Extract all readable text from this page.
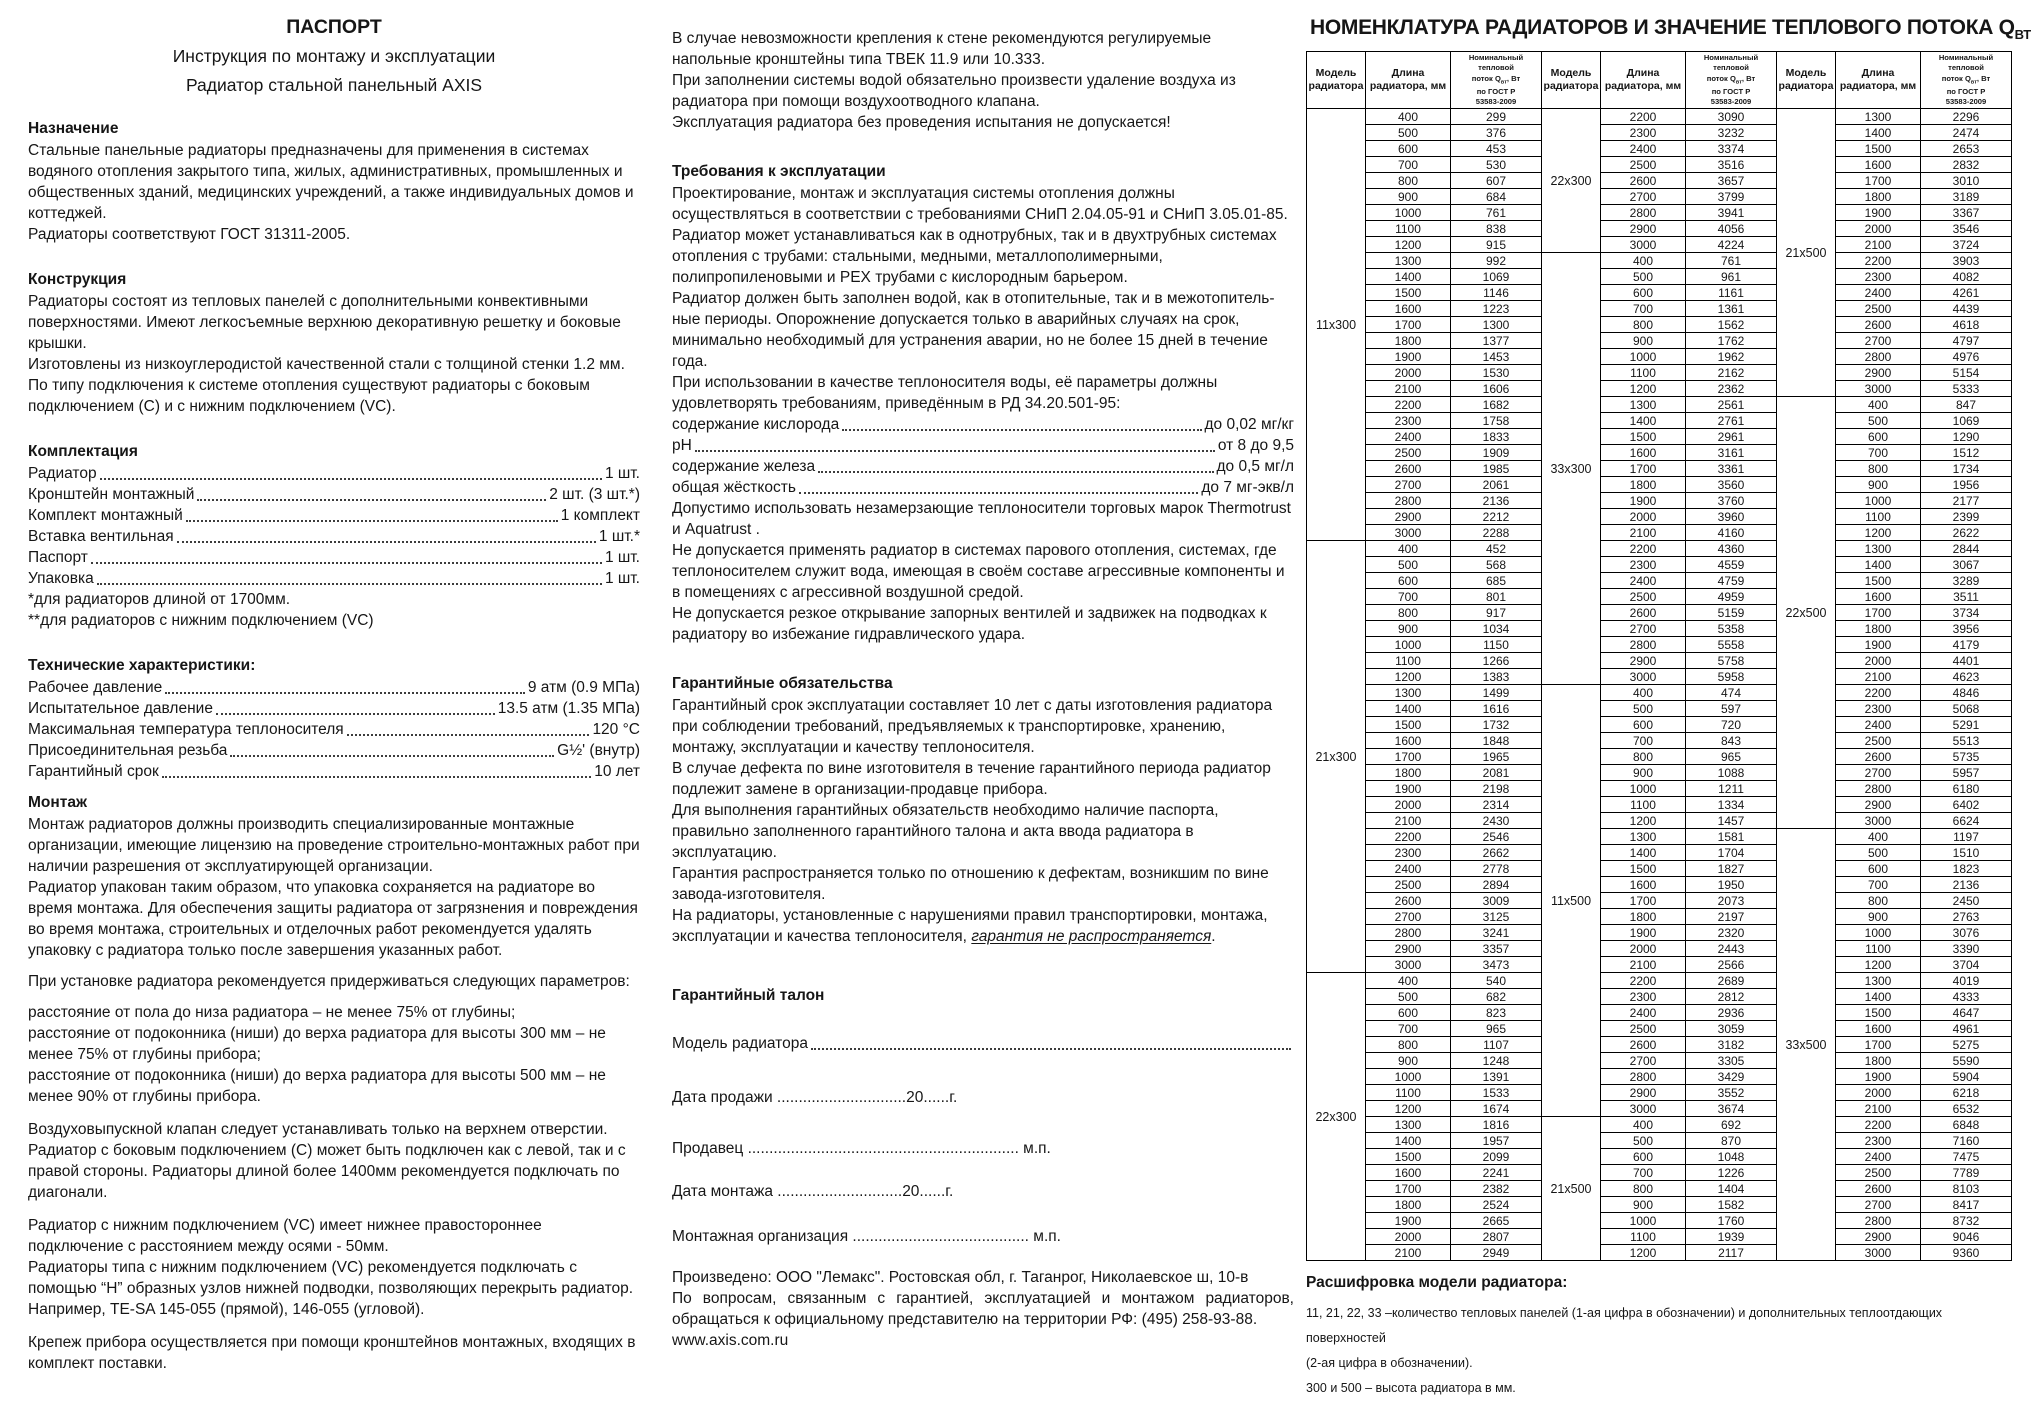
ПАСПОРТ
Инструкция по монтажу и эксплуатации
Радиатор стальной панельный AXIS
Назначение
Стальные панельные радиаторы предназначены для применения в системах водяного отопления закрытого типа, жилых, административных, промышленных и общественных зданий, медицинских учреждений, а также индивидуальных домов и коттеджей.
Радиаторы соответствуют ГОСТ 31311-2005.
Конструкция
Радиаторы состоят из тепловых панелей с дополнительными конвективными поверхностями. Имеют легкосъемные верхнюю декоративную решетку и боковые крышки.
Изготовлены из низкоуглеродистой качественной стали с толщиной стенки 1.2 мм.
По типу подключения к системе отопления существуют радиаторы с боковым подключением (C) и с нижним подключением (VC).
Комплектация
Радиатор	1 шт.
Кронштейн монтажный	2 шт. (3 шт.*)
Комплект монтажный	1 комплект
Вставка вентильная	1 шт.*
Паспорт	1 шт.
Упаковка	1 шт.
*для радиаторов длиной от 1700мм.
**для радиаторов с нижним подключением (VC)
Технические характеристики:
Рабочее давление	9 атм (0.9 МПа)
Испытательное давление	13.5 атм (1.35 МПа)
Максимальная температура теплоносителя	120 °C
Присоединительная резьба	G½' (внутр)
Гарантийный срок	10 лет
Монтаж
Монтаж радиаторов должны производить специализированные монтажные организации, имеющие лицензию на проведение строительно-монтажных работ при наличии разрешения от эксплуатирующей организации.
Радиатор упакован таким образом, что упаковка сохраняется на радиаторе во время монтажа. Для обеспечения защиты радиатора от загрязнения и повреждения во время монтажа, строительных и отделочных работ рекомендуется удалять упаковку с радиатора только после завершения указанных работ.
При установке радиатора рекомендуется придерживаться следующих параметров:
расстояние от пола до низа радиатора – не менее 75% от глубины;
расстояние от подоконника (ниши) до верха радиатора для высоты 300 мм – не менее 75% от глубины прибора;
расстояние от подоконника (ниши) до верха радиатора для высоты 500 мм – не менее 90% от глубины прибора.
Воздуховыпускной клапан следует устанавливать только на верхнем отверстии.
Радиатор с боковым подключением (C) может быть подключен как с левой, так и с правой стороны. Радиаторы длиной более 1400мм рекомендуется подключать по диагонали.
Радиатор с нижним подключением (VC) имеет нижнее правостороннее подключение с расстоянием между осями - 50мм.
Радиаторы типа с нижним подключением (VC) рекомендуется подключать с помощью “Н” образных узлов нижней подводки, позволяющих перекрыть радиатор. Например, TE-SA 145-055 (прямой), 146-055 (угловой).
Крепеж прибора осуществляется при помощи кронштейнов монтажных, входящих в комплект поставки.
В случае невозможности крепления к стене рекомендуются регулируемые напольные кронштейны типа ТВЕК 11.9 или 10.333.
При заполнении системы водой обязательно произвести удаление воздуха из радиатора при помощи воздухоотводного клапана.
Эксплуатация радиатора без проведения испытания не допускается!
Требования к эксплуатации
Проектирование, монтаж и эксплуатация системы отопления должны осуществляться в соответствии с требованиями СНиП 2.04.05-91 и СНиП 3.05.01-85.
Радиатор может устанавливаться как в однотрубных, так и в двухтрубных системах отопления с трубами: стальными, медными, металлополимерными, полипропиленовыми и PEX трубами с кислородным барьером.
Радиатор должен быть заполнен водой, как в отопительные, так и в межотопитель- ные периоды. Опорожнение допускается только в аварийных случаях на срок, минимально необходимый для устранения аварии, но не более 15 дней в течение года.
При использовании в качестве теплоносителя воды, её параметры должны удовлетворять требованиям, приведённым в РД 34.20.501-95:
содержание кислорода	до 0,02 мг/кг
pH	от 8 до 9,5
содержание железа	до 0,5 мг/л
общая жёсткость	до 7 мг-экв/л
Допустимо использовать незамерзающие теплоносители торговых марок Thermotrust и Aquatrust .
Не допускается применять радиатор в системах парового отопления, системах, где теплоносителем служит вода, имеющая в своём составе агрессивные компоненты и в помещениях с агрессивной воздушной средой.
Не допускается резкое открывание запорных вентилей и задвижек на подводках к радиатору во избежание гидравлического удара.
Гарантийные обязательства
Гарантийный срок эксплуатации составляет 10 лет с даты изготовления радиатора при соблюдении требований, предъявляемых к транспортировке, хранению, монтажу, эксплуатации и качеству теплоносителя.
В случае дефекта по вине изготовителя в течение гарантийного периода радиатор подлежит замене в организации-продавце прибора.
Для выполнения гарантийных обязательств необходимо наличие паспорта, правильно заполненного гарантийного талона и акта ввода радиатора в эксплуатацию.
Гарантия распространяется только по отношению к дефектам, возникшим по вине завода-изготовителя.
На радиаторы, установленные с нарушениями правил транспортировки, монтажа, эксплуатации и качества теплоносителя, гарантия не распространяется.
Гарантийный талон
Модель радиатора
Дата продажи ..............................20......г.
Продавец ............................................................... м.п.
Дата монтажа .............................20......г.
Монтажная организация ......................................... м.п.
Произведено: ООО "Лемакс". Ростовская обл, г. Таганрог, Николаевское ш, 10-в
По вопросам, связанным с гарантией, эксплуатацией и монтажом радиаторов, обращаться к официальному представителю на территории РФ: (495) 258-93-88.
www.axis.com.ru
НОМЕНКЛАТУРА РАДИАТОРОВ И ЗНАЧЕНИЕ ТЕПЛОВОГО ПОТОКА $Q_{ВТ}$
Модель радиатора	Длина радиатора, мм	Номинальный
тепловой
поток $Q_{вт}$, Вт
по ГОСТ Р
53583-2009

11x300	400	299
	500	376
	600	453
	700	530
	800	607
	900	684
	1000	761
	1100	838
	1200	915
	1300	992
	1400	1069
	1500	1146
	1600	1223
	1700	1300
	1800	1377
	1900	1453
	2000	1530
	2100	1606
	2200	1682
	2300	1758
	2400	1833
	2500	1909
	2600	1985
	2700	2061
	2800	2136
	2900	2212
	3000	2288
21x300	400	452
	500	568
	600	685
	700	801
	800	917
	900	1034
	1000	1150
	1100	1266
	1200	1383
	1300	1499
	1400	1616
	1500	1732
	1600	1848
	1700	1965
	1800	2081
	1900	2198
	2000	2314
	2100	2430
	2200	2546
	2300	2662
	2400	2778
	2500	2894
	2600	3009
	2700	3125
	2800	3241
	2900	3357
	3000	3473
22x300	400	540
	500	682
	600	823
	700	965
	800	1107
	900	1248
	1000	1391
	1100	1533
	1200	1674
	1300	1816
	1400	1957
	1500	2099
	1600	2241
	1700	2382
	1800	2524
	1900	2665
	2000	2807
	2100	2949
Модель радиатора	Длина радиатора, мм	Номинальный
тепловой
поток $Q_{вт}$, Вт
по ГОСТ Р
53583-2009

22x300	2200	3090
	2300	3232
	2400	3374
	2500	3516
	2600	3657
	2700	3799
	2800	3941
	2900	4056
	3000	4224
33x300	400	761
	500	961
	600	1161
	700	1361
	800	1562
	900	1762
	1000	1962
	1100	2162
	1200	2362
	1300	2561
	1400	2761
	1500	2961
	1600	3161
	1700	3361
	1800	3560
	1900	3760
	2000	3960
	2100	4160
	2200	4360
	2300	4559
	2400	4759
	2500	4959
	2600	5159
	2700	5358
	2800	5558
	2900	5758
	3000	5958
11x500	400	474
	500	597
	600	720
	700	843
	800	965
	900	1088
	1000	1211
	1100	1334
	1200	1457
	1300	1581
	1400	1704
	1500	1827
	1600	1950
	1700	2073
	1800	2197
	1900	2320
	2000	2443
	2100	2566
	2200	2689
	2300	2812
	2400	2936
	2500	3059
	2600	3182
	2700	3305
	2800	3429
	2900	3552
	3000	3674
21x500	400	692
	500	870
	600	1048
	700	1226
	800	1404
	900	1582
	1000	1760
	1100	1939
	1200	2117
Модель радиатора	Длина радиатора, мм	Номинальный
тепловой
поток $Q_{вт}$, Вт
по ГОСТ Р
53583-2009

21x500	1300	2296
	1400	2474
	1500	2653
	1600	2832
	1700	3010
	1800	3189
	1900	3367
	2000	3546
	2100	3724
	2200	3903
	2300	4082
	2400	4261
	2500	4439
	2600	4618
	2700	4797
	2800	4976
	2900	5154
	3000	5333
22x500	400	847
	500	1069
	600	1290
	700	1512
	800	1734
	900	1956
	1000	2177
	1100	2399
	1200	2622
	1300	2844
	1400	3067
	1500	3289
	1600	3511
	1700	3734
	1800	3956
	1900	4179
	2000	4401
	2100	4623
	2200	4846
	2300	5068
	2400	5291
	2500	5513
	2600	5735
	2700	5957
	2800	6180
	2900	6402
	3000	6624
33x500	400	1197
	500	1510
	600	1823
	700	2136
	800	2450
	900	2763
	1000	3076
	1100	3390
	1200	3704
	1300	4019
	1400	4333
	1500	4647
	1600	4961
	1700	5275
	1800	5590
	1900	5904
	2000	6218
	2100	6532
	2200	6848
	2300	7160
	2400	7475
	2500	7789
	2600	8103
	2700	8417
	2800	8732
	2900	9046
	3000	9360
Расшифровка модели радиатора:
11, 21, 22, 33 –количество тепловых панелей (1-ая цифра в обозначении) и дополнительных теплоотдающих поверхностей
(2-ая цифра в обозначении).
300 и 500 – высота радиатора в мм.
